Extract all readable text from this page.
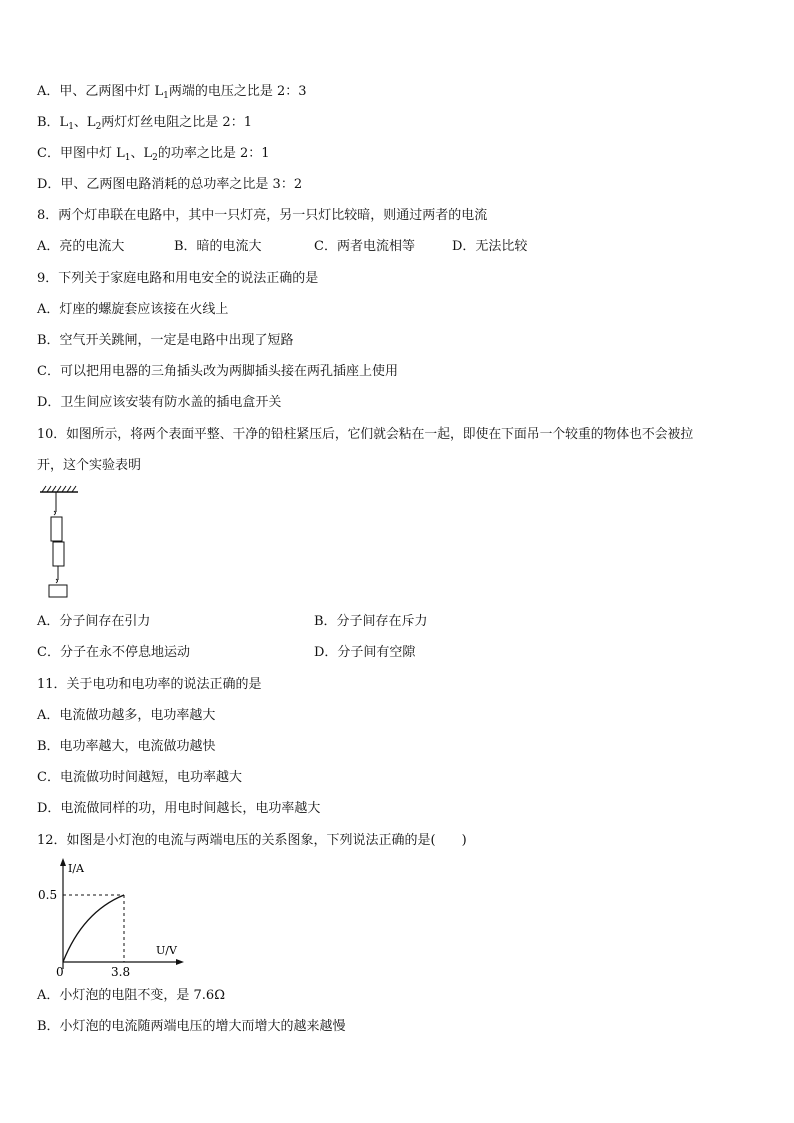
A．甲、乙两图中灯 $L_1$两端的电压之比是 2：3
B．$L_1$、$L_2$两灯灯丝电阻之比是 2：1
C．甲图中灯 $L_1$、$L_2$的功率之比是 2：1
D．甲、乙两图电路消耗的总功率之比是 3：2
8．两个灯串联在电路中，其中一只灯亮，另一只灯比较暗，则通过两者的电流
A．亮的电流大	B．暗的电流大	C．两者电流相等	D．无法比较
9．下列关于家庭电路和用电安全的说法正确的是
A．灯座的螺旋套应该接在火线上
B．空气开关跳闸，一定是电路中出现了短路
C．可以把用电器的三角插头改为两脚插头接在两孔插座上使用
D．卫生间应该安装有防水盖的插电盒开关
10．如图所示，将两个表面平整、干净的铅柱紧压后，它们就会粘在一起，即使在下面吊一个较重的物体也不会被拉
开，这个实验表明
A．分子间存在引力	B．分子间存在斥力
C．分子在永不停息地运动	D．分子间有空隙
11．关于电功和电功率的说法正确的是
A．电流做功越多，电功率越大
B．电功率越大，电流做功越快
C．电流做功时间越短，电功率越大
D．电流做同样的功，用电时间越长，电功率越大
12．如图是小灯泡的电流与两端电压的关系图象，下列说法正确的是(　　)
I/A
U/V
0
0.5
3.8
A．小灯泡的电阻不变，是 7.6Ω
B．小灯泡的电流随两端电压的增大而增大的越来越慢
